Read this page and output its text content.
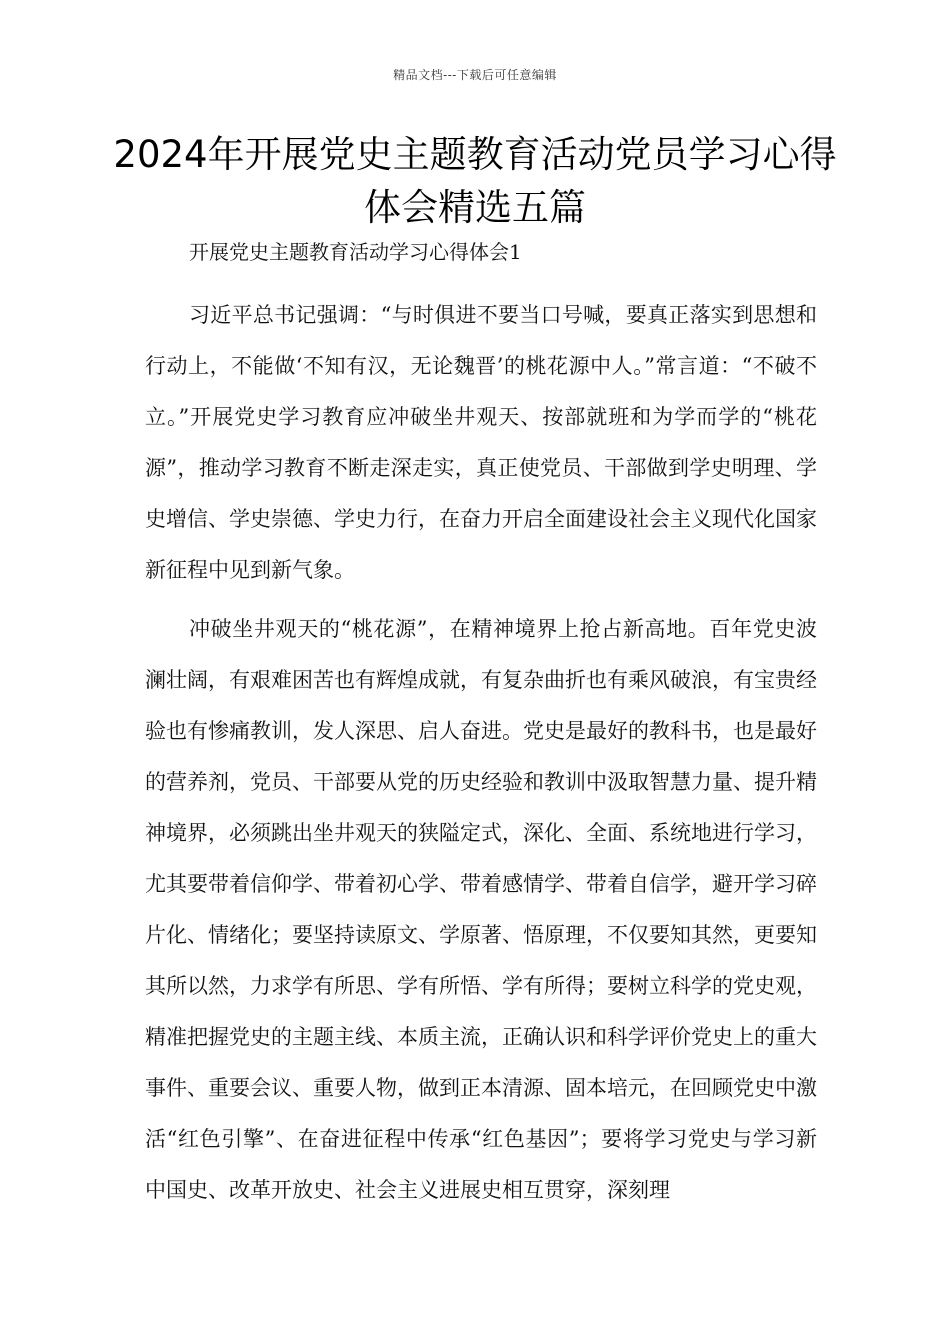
精品文档---下载后可任意编辑
2024年开展党史主题教育活动党员学习心得体会精选五篇

开展党史主题教育活动学习心得体会1

习近平总书记强调：“与时俱进不要当口号喊，要真正落实到思想和行动上，不能做‘不知有汉，无论魏晋’的桃花源中人。”常言道：“不破不立。”开展党史学习教育应冲破坐井观天、按部就班和为学而学的“桃花源”，推动学习教育不断走深走实，真正使党员、干部做到学史明理、学史增信、学史崇德、学史力行，在奋力开启全面建设社会主义现代化国家新征程中见到新气象。

冲破坐井观天的“桃花源”，在精神境界上抢占新高地。百年党史波澜壮阔，有艰难困苦也有辉煌成就，有复杂曲折也有乘风破浪，有宝贵经验也有惨痛教训，发人深思、启人奋进。党史是最好的教科书，也是最好的营养剂，党员、干部要从党的历史经验和教训中汲取智慧力量、提升精神境界，必须跳出坐井观天的狭隘定式，深化、全面、系统地进行学习，尤其要带着信仰学、带着初心学、带着感情学、带着自信学，避开学习碎片化、情绪化；要坚持读原文、学原著、悟原理，不仅要知其然，更要知其所以然，力求学有所思、学有所悟、学有所得；要树立科学的党史观，精准把握党史的主题主线、本质主流，正确认识和科学评价党史上的重大事件、重要会议、重要人物，做到正本清源、固本培元，在回顾党史中激活“红色引擎”、在奋进征程中传承“红色基因”；要将学习党史与学习新中国史、改革开放史、社会主义进展史相互贯穿，深刻理
